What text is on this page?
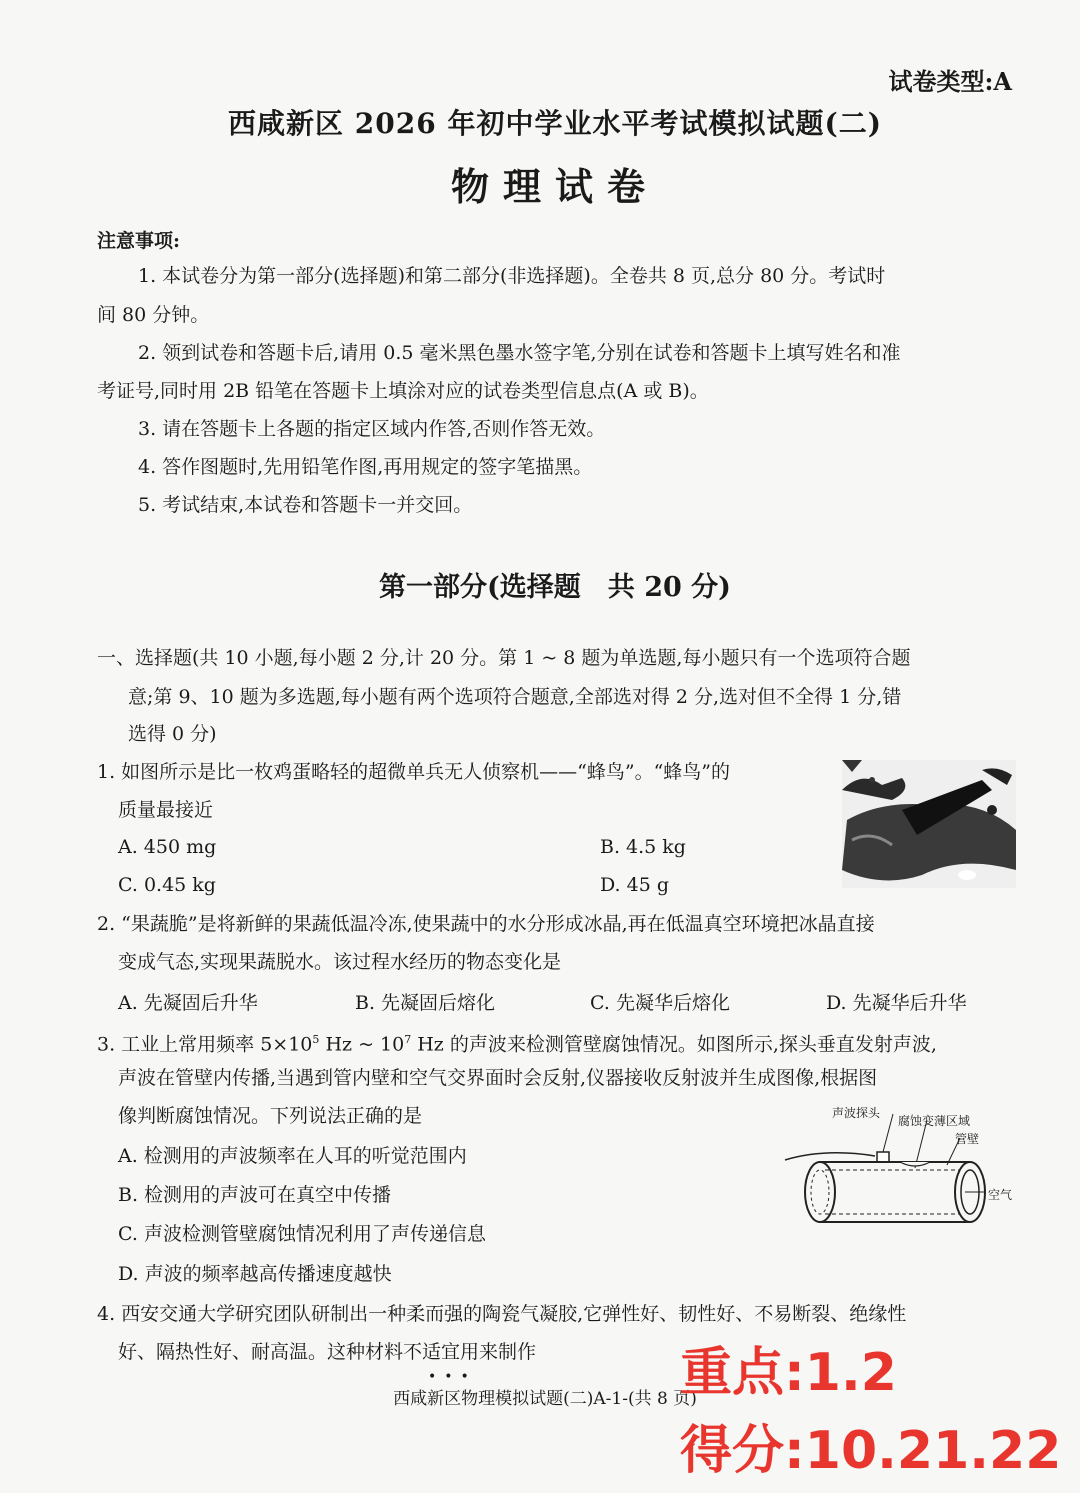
试卷类型:A
西咸新区 2026 年初中学业水平考试模拟试题(二)
物理试卷
注意事项:
1. 本试卷分为第一部分(选择题)和第二部分(非选择题)。全卷共 8 页,总分 80 分。考试时
间 80 分钟。
2. 领到试卷和答题卡后,请用 0.5 毫米黑色墨水签字笔,分别在试卷和答题卡上填写姓名和准
考证号,同时用 2B 铅笔在答题卡上填涂对应的试卷类型信息点(A 或 B)。
3. 请在答题卡上各题的指定区域内作答,否则作答无效。
4. 答作图题时,先用铅笔作图,再用规定的签字笔描黑。
5. 考试结束,本试卷和答题卡一并交回。
第一部分(选择题　共 20 分)
一、选择题(共 10 小题,每小题 2 分,计 20 分。第 1 ~ 8 题为单选题,每小题只有一个选项符合题
意;第 9、10 题为多选题,每小题有两个选项符合题意,全部选对得 2 分,选对但不全得 1 分,错
选得 0 分)
1. 如图所示是比一枚鸡蛋略轻的超微单兵无人侦察机——“蜂鸟”。“蜂鸟”的
质量最接近
A. 450 mg	B. 4.5 kg
C. 0.45 kg	D. 45 g
2. “果蔬脆”是将新鲜的果蔬低温冷冻,使果蔬中的水分形成冰晶,再在低温真空环境把冰晶直接
变成气态,实现果蔬脱水。该过程水经历的物态变化是
A. 先凝固后升华	B. 先凝固后熔化	C. 先凝华后熔化	D. 先凝华后升华
3. 工业上常用频率 $5\times 10^5$ Hz ~ $10^7$ Hz 的声波来检测管壁腐蚀情况。如图所示,探头垂直发射声波,
声波在管壁内传播,当遇到管内壁和空气交界面时会反射,仪器接收反射波并生成图像,根据图
像判断腐蚀情况。下列说法正确的是
A. 检测用的声波频率在人耳的听觉范围内
B. 检测用的声波可在真空中传播
C. 声波检测管壁腐蚀情况利用了声传递信息
D. 声波的频率越高传播速度越快
声波探头
腐蚀变薄区域
管壁
空气
4. 西安交通大学研究团队研制出一种柔而强的陶瓷气凝胶,它弹性好、韧性好、不易断裂、绝缘性
好、隔热性好、耐高温。这种材料不适宜用来制作
•••
西咸新区物理模拟试题(二)A-1-(共 8 页)
重点:1.2
得分:10.21.22
